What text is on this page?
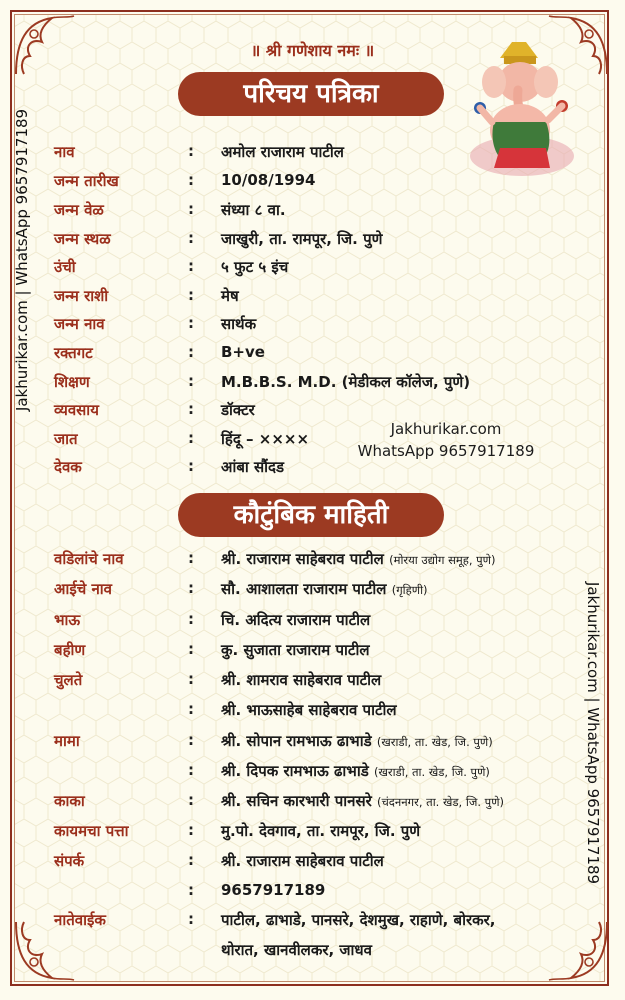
॥ श्री गणेशाय नमः ॥
परिचय पत्रिका
कौटुंबिक माहिती
Jakhurikar.com | WhatsApp 9657917189
Jakhurikar.com | WhatsApp 9657917189
Jakhurikar.com
WhatsApp 9657917189
नाव	: अमोल राजाराम पाटील
जन्म तारीख	: 10/08/1994
जन्म वेळ	: संध्या ८ वा.
जन्म स्थळ	: जाखुरी, ता. रामपूर, जि. पुणे
उंची	: ५ फुट ५ इंच
जन्म राशी	: मेष
जन्म नाव	: सार्थक
रक्तगट	: B+ve
शिक्षण	: M.B.B.S. M.D. (मेडीकल कॉलेज, पुणे)
व्यवसाय	: डॉक्टर
जात	: हिंदू – ××××
देवक	: आंबा सौंदड
वडिलांचे नाव	: श्री. राजाराम साहेबराव पाटील (मोरया उद्योग समूह, पुणे)
आईचे नाव	: सौ. आशालता राजाराम पाटील (गृहिणी)
भाऊ	: चि. अदित्य राजाराम पाटील
बहीण	: कु. सुजाता राजाराम पाटील
चुलते	: श्री. शामराव साहेबराव पाटील
: श्री. भाऊसाहेब साहेबराव पाटील
मामा	: श्री. सोपान रामभाऊ ढाभाडे (खराडी, ता. खेड, जि. पुणे)
: श्री. दिपक रामभाऊ ढाभाडे (खराडी, ता. खेड, जि. पुणे)
काका	: श्री. सचिन कारभारी पानसरे (चंदननगर, ता. खेड, जि. पुणे)
कायमचा पत्ता	: मु.पो. देवगाव, ता. रामपूर, जि. पुणे
संपर्क	: श्री. राजाराम साहेबराव पाटील
: 9657917189
नातेवाईक	: पाटील, ढाभाडे, पानसरे, देशमुख, राहाणे, बोरकर,
थोरात, खानवीलकर, जाधव
